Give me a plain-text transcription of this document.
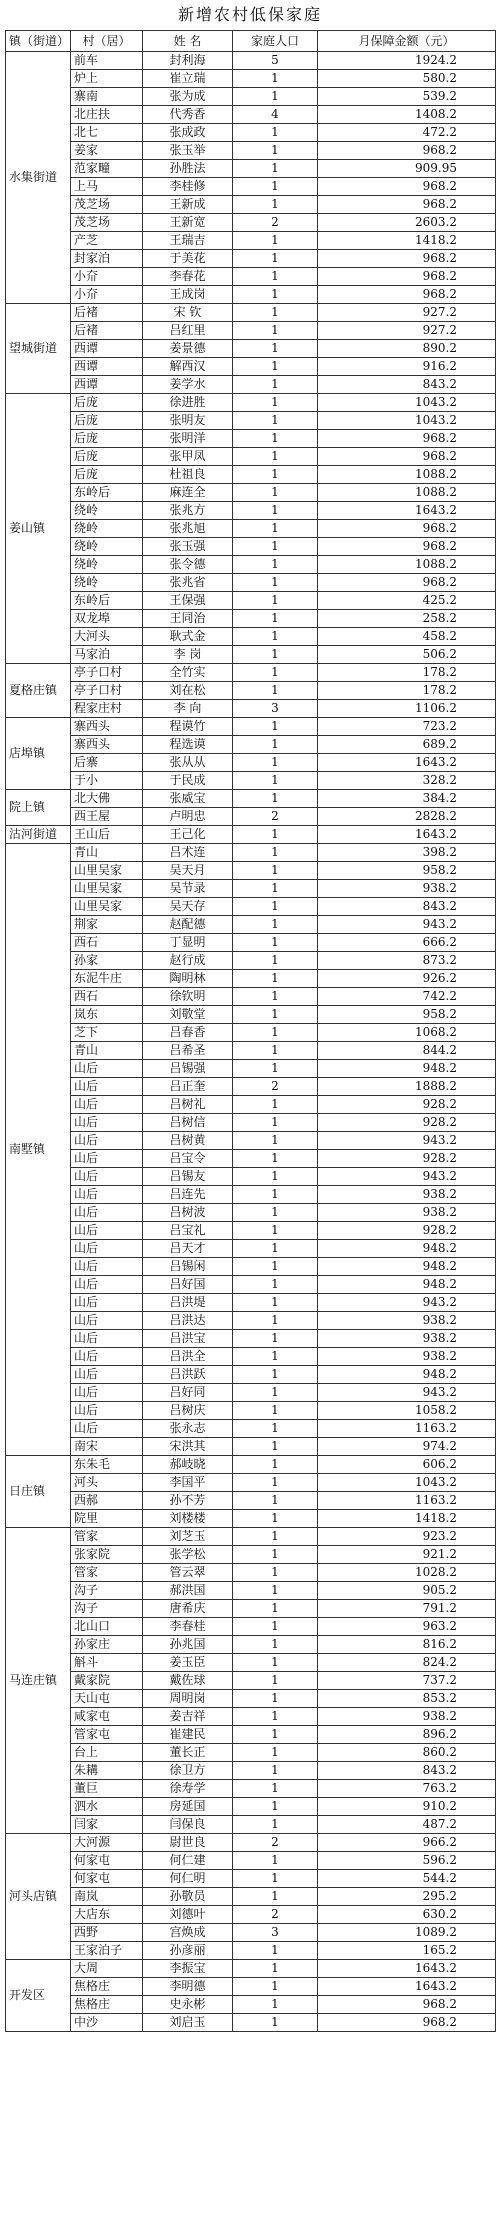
新增农村低保家庭
镇（街道）	村（居）	姓 名	家庭人口	月保障金额（元）
水集街道	前车	封利海	5	1924.2
	炉上	崔立瑞	1	580.2
	寨南	张为成	1	539.2
	北庄扶	代秀香	4	1408.2
	北七	张成政	1	472.2
	姜家	张玉举	1	968.2
	范家疃	孙胜法	1	909.95
	上马	李桂修	1	968.2
	茂芝场	王新成	1	968.2
	茂芝场	王新宽	2	2603.2
	产芝	王瑞吉	1	1418.2
	封家泊	于美花	1	968.2
	小夼	李春花	1	968.2
	小夼	王成岗	1	968.2
望城街道	后褚	宋 钦	1	927.2
	后褚	吕红里	1	927.2
	西谭	姜景德	1	890.2
	西谭	解西汉	1	916.2
	西谭	姜学水	1	843.2
姜山镇	后庞	徐进胜	1	1043.2
	后庞	张明友	1	1043.2
	后庞	张明洋	1	968.2
	后庞	张甲凤	1	968.2
	后庞	杜祖良	1	1088.2
	东岭后	麻连全	1	1088.2
	绕岭	张兆方	1	1643.2
	绕岭	张兆旭	1	968.2
	绕岭	张玉强	1	968.2
	绕岭	张令德	1	1088.2
	绕岭	张兆省	1	968.2
	东岭后	王保强	1	425.2
	双龙埠	王同治	1	258.2
	大河头	耿式金	1	458.2
	马家泊	李 岗	1	506.2
夏格庄镇	亭子口村	全竹实	1	178.2
	亭子口村	刘在松	1	178.2
	程家庄村	李 向	3	1106.2
店埠镇	寨西头	程谟竹	1	723.2
	寨西头	程选谟	1	689.2
	后寨	张从从	1	1643.2
	于小	于民成	1	328.2
院上镇	北大佛	张威宝	1	384.2
	西王屋	卢明忠	2	2828.2
沽河街道	王山后	王己化	1	1643.2
南墅镇	青山	吕术连	1	398.2
	山里吴家	吴天月	1	958.2
	山里吴家	吴节录	1	938.2
	山里吴家	吴天存	1	843.2
	荆家	赵配德	1	943.2
	西石	丁显明	1	666.2
	孙家	赵行成	1	873.2
	东泥牛庄	陶明林	1	926.2
	西石	徐钦明	1	742.2
	岚东	刘敬堂	1	958.2
	芝下	吕春香	1	1068.2
	青山	吕希圣	1	844.2
	山后	吕锡强	1	948.2
	山后	吕正奎	2	1888.2
	山后	吕树礼	1	928.2
	山后	吕树信	1	928.2
	山后	吕树黄	1	943.2
	山后	吕宝令	1	928.2
	山后	吕锡友	1	943.2
	山后	吕连先	1	938.2
	山后	吕树波	1	938.2
	山后	吕宝礼	1	928.2
	山后	吕天才	1	948.2
	山后	吕锡闲	1	948.2
	山后	吕好国	1	948.2
	山后	吕洪堤	1	943.2
	山后	吕洪达	1	938.2
	山后	吕洪宝	1	938.2
	山后	吕洪全	1	938.2
	山后	吕洪跃	1	948.2
	山后	吕好同	1	943.2
	山后	吕树庆	1	1058.2
	山后	张永志	1	1163.2
	南宋	宋洪其	1	974.2
日庄镇	东朱毛	郝岐晓	1	606.2
	河头	李国平	1	1043.2
	西郝	孙不芳	1	1163.2
	院里	刘楼楼	1	1418.2
马连庄镇	管家	刘芝玉	1	923.2
	张家院	张学松	1	921.2
	管家	管云翠	1	1028.2
	沟子	郝洪国	1	905.2
	沟子	唐希庆	1	791.2
	北山口	李春桂	1	963.2
	孙家庄	孙兆国	1	816.2
	斛斗	姜玉臣	1	824.2
	戴家院	戴佐球	1	737.2
	天山屯	周明岗	1	853.2
	咸家屯	姜吉祥	1	938.2
	管家屯	崔建民	1	896.2
	台上	董长正	1	860.2
	朱耩	徐卫方	1	843.2
	董巨	徐寿学	1	763.2
	泗水	房延国	1	910.2
	闫家	闫保良	1	487.2
河头店镇	大河源	尉世良	2	966.2
	何家屯	何仁建	1	596.2
	何家屯	何仁明	1	544.2
	南岚	孙敬员	1	295.2
	大店东	刘德叶	2	630.2
	西野	宫焕成	3	1089.2
	王家泊子	孙彦丽	1	165.2
开发区	大周	李振宝	1	1643.2
	焦格庄	李明德	1	1643.2
	焦格庄	史永彬	1	968.2
	中沙	刘启玉	1	968.2
